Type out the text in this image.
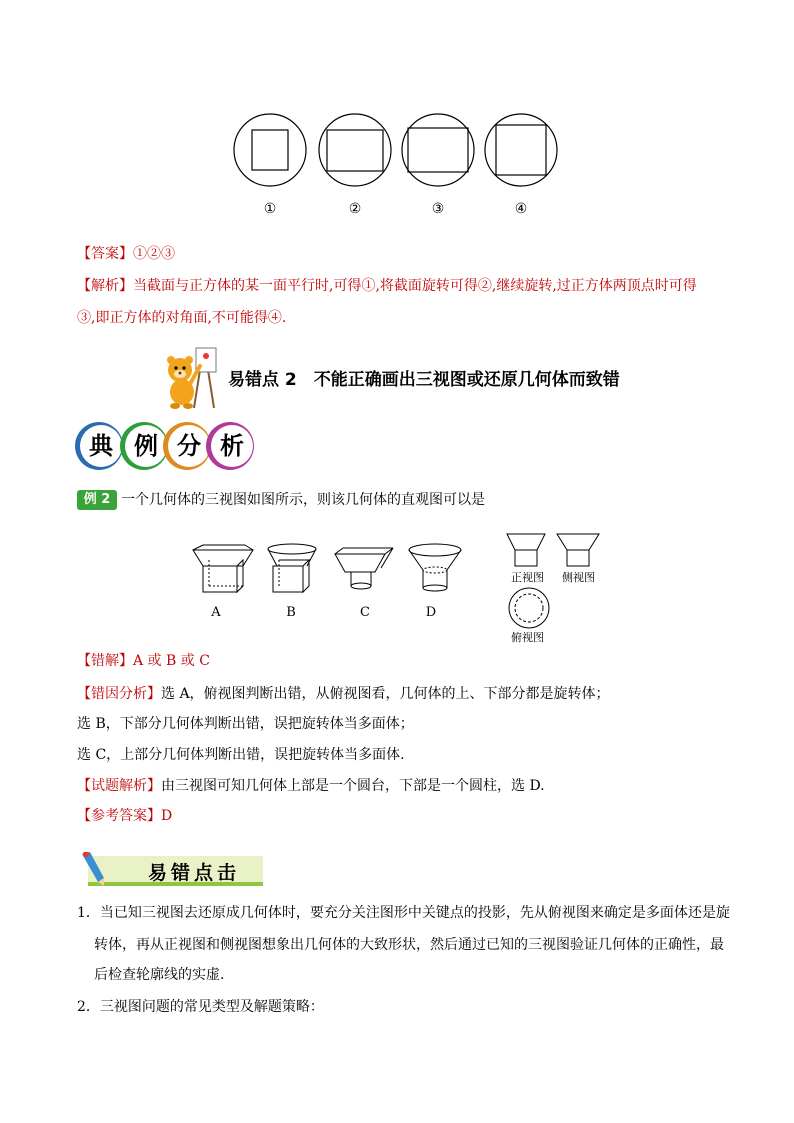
①	②	③	④
【答案】①②③
【解析】当截面与正方体的某一面平行时,可得①,将截面旋转可得②,继续旋转,过正方体两顶点时可得
③,即正方体的对角面,不可能得④.
易错点 2　不能正确画出三视图或还原几何体而致错
典 例 分 析
例 2 一个几何体的三视图如图所示，则该几何体的直观图可以是
A	B	C	D
正视图 侧视图
俯视图
【错解】A 或 B 或 C
【错因分析】选 A，俯视图判断出错，从俯视图看，几何体的上、下部分都是旋转体；
选 B，下部分几何体判断出错，误把旋转体当多面体；
选 C，上部分几何体判断出错，误把旋转体当多面体.
【试题解析】由三视图可知几何体上部是一个圆台，下部是一个圆柱，选 D.
【参考答案】D
易错点击
1．当已知三视图去还原成几何体时，要充分关注图形中关键点的投影，先从俯视图来确定是多面体还是旋
转体，再从正视图和侧视图想象出几何体的大致形状，然后通过已知的三视图验证几何体的正确性，最
后检查轮廓线的实虚.
2．三视图问题的常见类型及解题策略：
